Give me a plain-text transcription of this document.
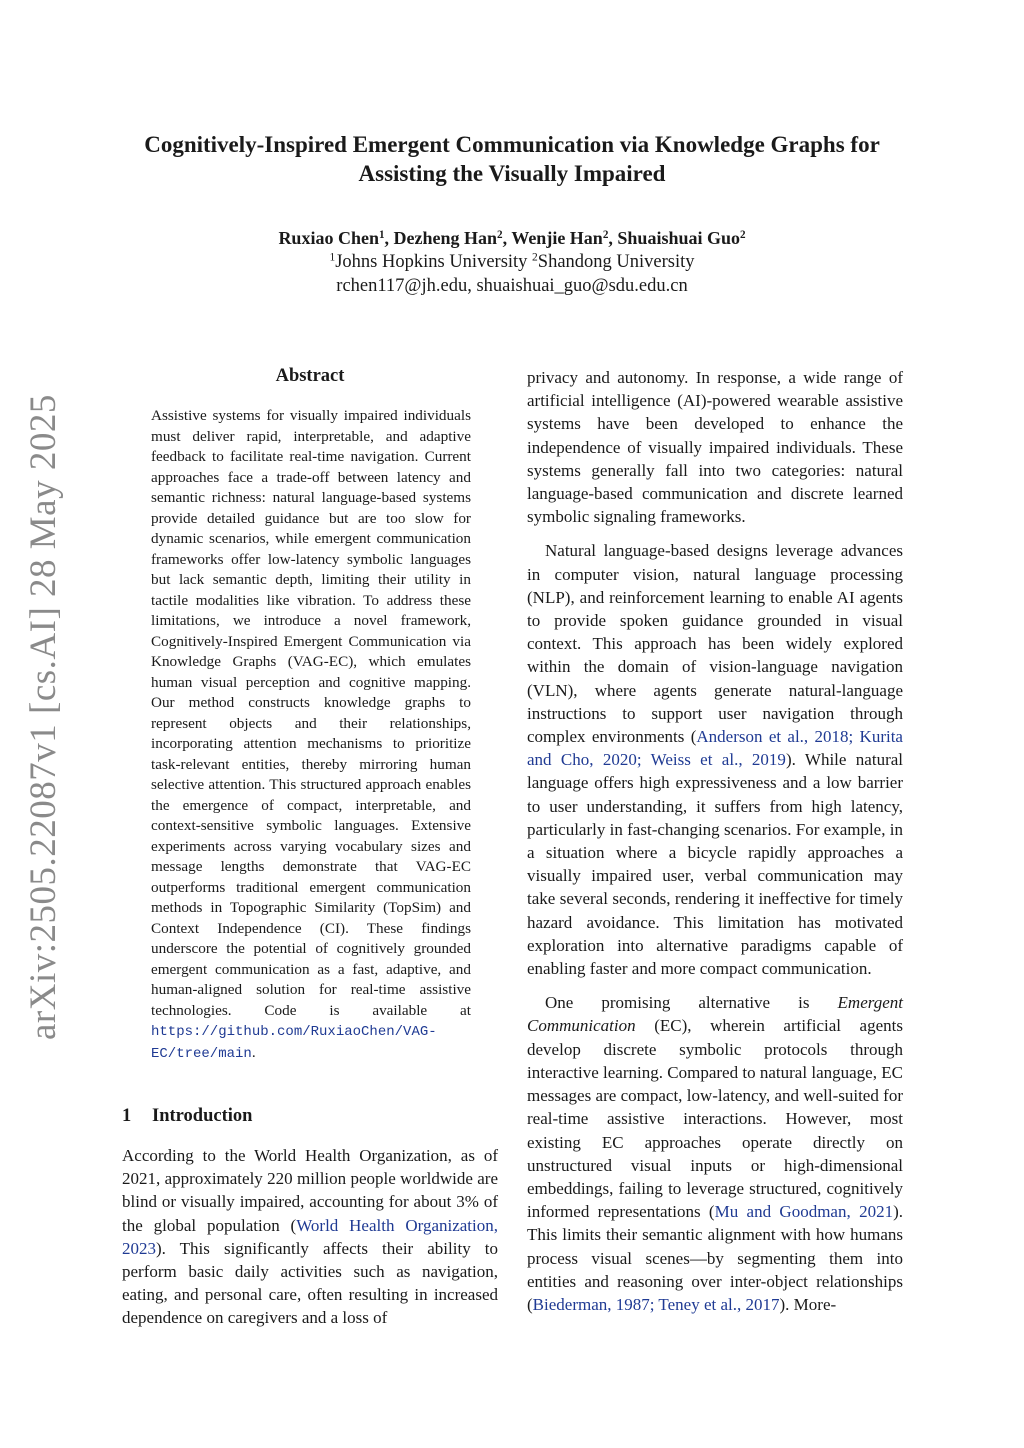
arXiv:2505.22087v1 [cs.AI] 28 May 2025
Cognitively-Inspired Emergent Communication via Knowledge Graphs for Assisting the Visually Impaired
Ruxiao Chen$^1$, Dezheng Han$^2$, Wenjie Han$^2$, Shuaishuai Guo$^2$
$^1$Johns Hopkins University $^2$Shandong University
rchen117@jh.edu, shuaishuai_guo@sdu.edu.cn
Abstract
Assistive systems for visually impaired individuals must deliver rapid, interpretable, and adaptive feedback to facilitate real-time navigation. Current approaches face a trade-off between latency and semantic richness: natural language-based systems provide detailed guidance but are too slow for dynamic scenarios, while emergent communication frameworks offer low-latency symbolic languages but lack semantic depth, limiting their utility in tactile modalities like vibration. To address these limitations, we introduce a novel framework, Cognitively-Inspired Emergent Communication via Knowledge Graphs (VAG-EC), which emulates human visual perception and cognitive mapping. Our method constructs knowledge graphs to represent objects and their relationships, incorporating attention mechanisms to prioritize task-relevant entities, thereby mirroring human selective attention. This structured approach enables the emergence of compact, interpretable, and context-sensitive symbolic languages. Extensive experiments across varying vocabulary sizes and message lengths demonstrate that VAG-EC outperforms traditional emergent communication methods in Topographic Similarity (TopSim) and Context Independence (CI). These findings underscore the potential of cognitively grounded emergent communication as a fast, adaptive, and human-aligned solution for real-time assistive technologies. Code is available at https://github.com/RuxiaoChen/VAG-EC/tree/main.
1 Introduction
According to the World Health Organization, as of 2021, approximately 220 million people worldwide are blind or visually impaired, accounting for about 3% of the global population (World Health Organization, 2023). This significantly affects their ability to perform basic daily activities such as navigation, eating, and personal care, often resulting in increased dependence on caregivers and a loss of

privacy and autonomy. In response, a wide range of artificial intelligence (AI)-powered wearable assistive systems have been developed to enhance the independence of visually impaired individuals. These systems generally fall into two categories: natural language-based communication and discrete learned symbolic signaling frameworks.

Natural language-based designs leverage advances in computer vision, natural language processing (NLP), and reinforcement learning to enable AI agents to provide spoken guidance grounded in visual context. This approach has been widely explored within the domain of vision-language navigation (VLN), where agents generate natural-language instructions to support user navigation through complex environments (Anderson et al., 2018; Kurita and Cho, 2020; Weiss et al., 2019). While natural language offers high expressiveness and a low barrier to user understanding, it suffers from high latency, particularly in fast-changing scenarios. For example, in a situation where a bicycle rapidly approaches a visually impaired user, verbal communication may take several seconds, rendering it ineffective for timely hazard avoidance. This limitation has motivated exploration into alternative paradigms capable of enabling faster and more compact communication.

One promising alternative is Emergent Communication (EC), wherein artificial agents develop discrete symbolic protocols through interactive learning. Compared to natural language, EC messages are compact, low-latency, and well-suited for real-time assistive interactions. However, most existing EC approaches operate directly on unstructured visual inputs or high-dimensional embeddings, failing to leverage structured, cognitively informed representations (Mu and Goodman, 2021). This limits their semantic alignment with how humans process visual scenes—by segmenting them into entities and reasoning over inter-object relationships (Biederman, 1987; Teney et al., 2017). More-
